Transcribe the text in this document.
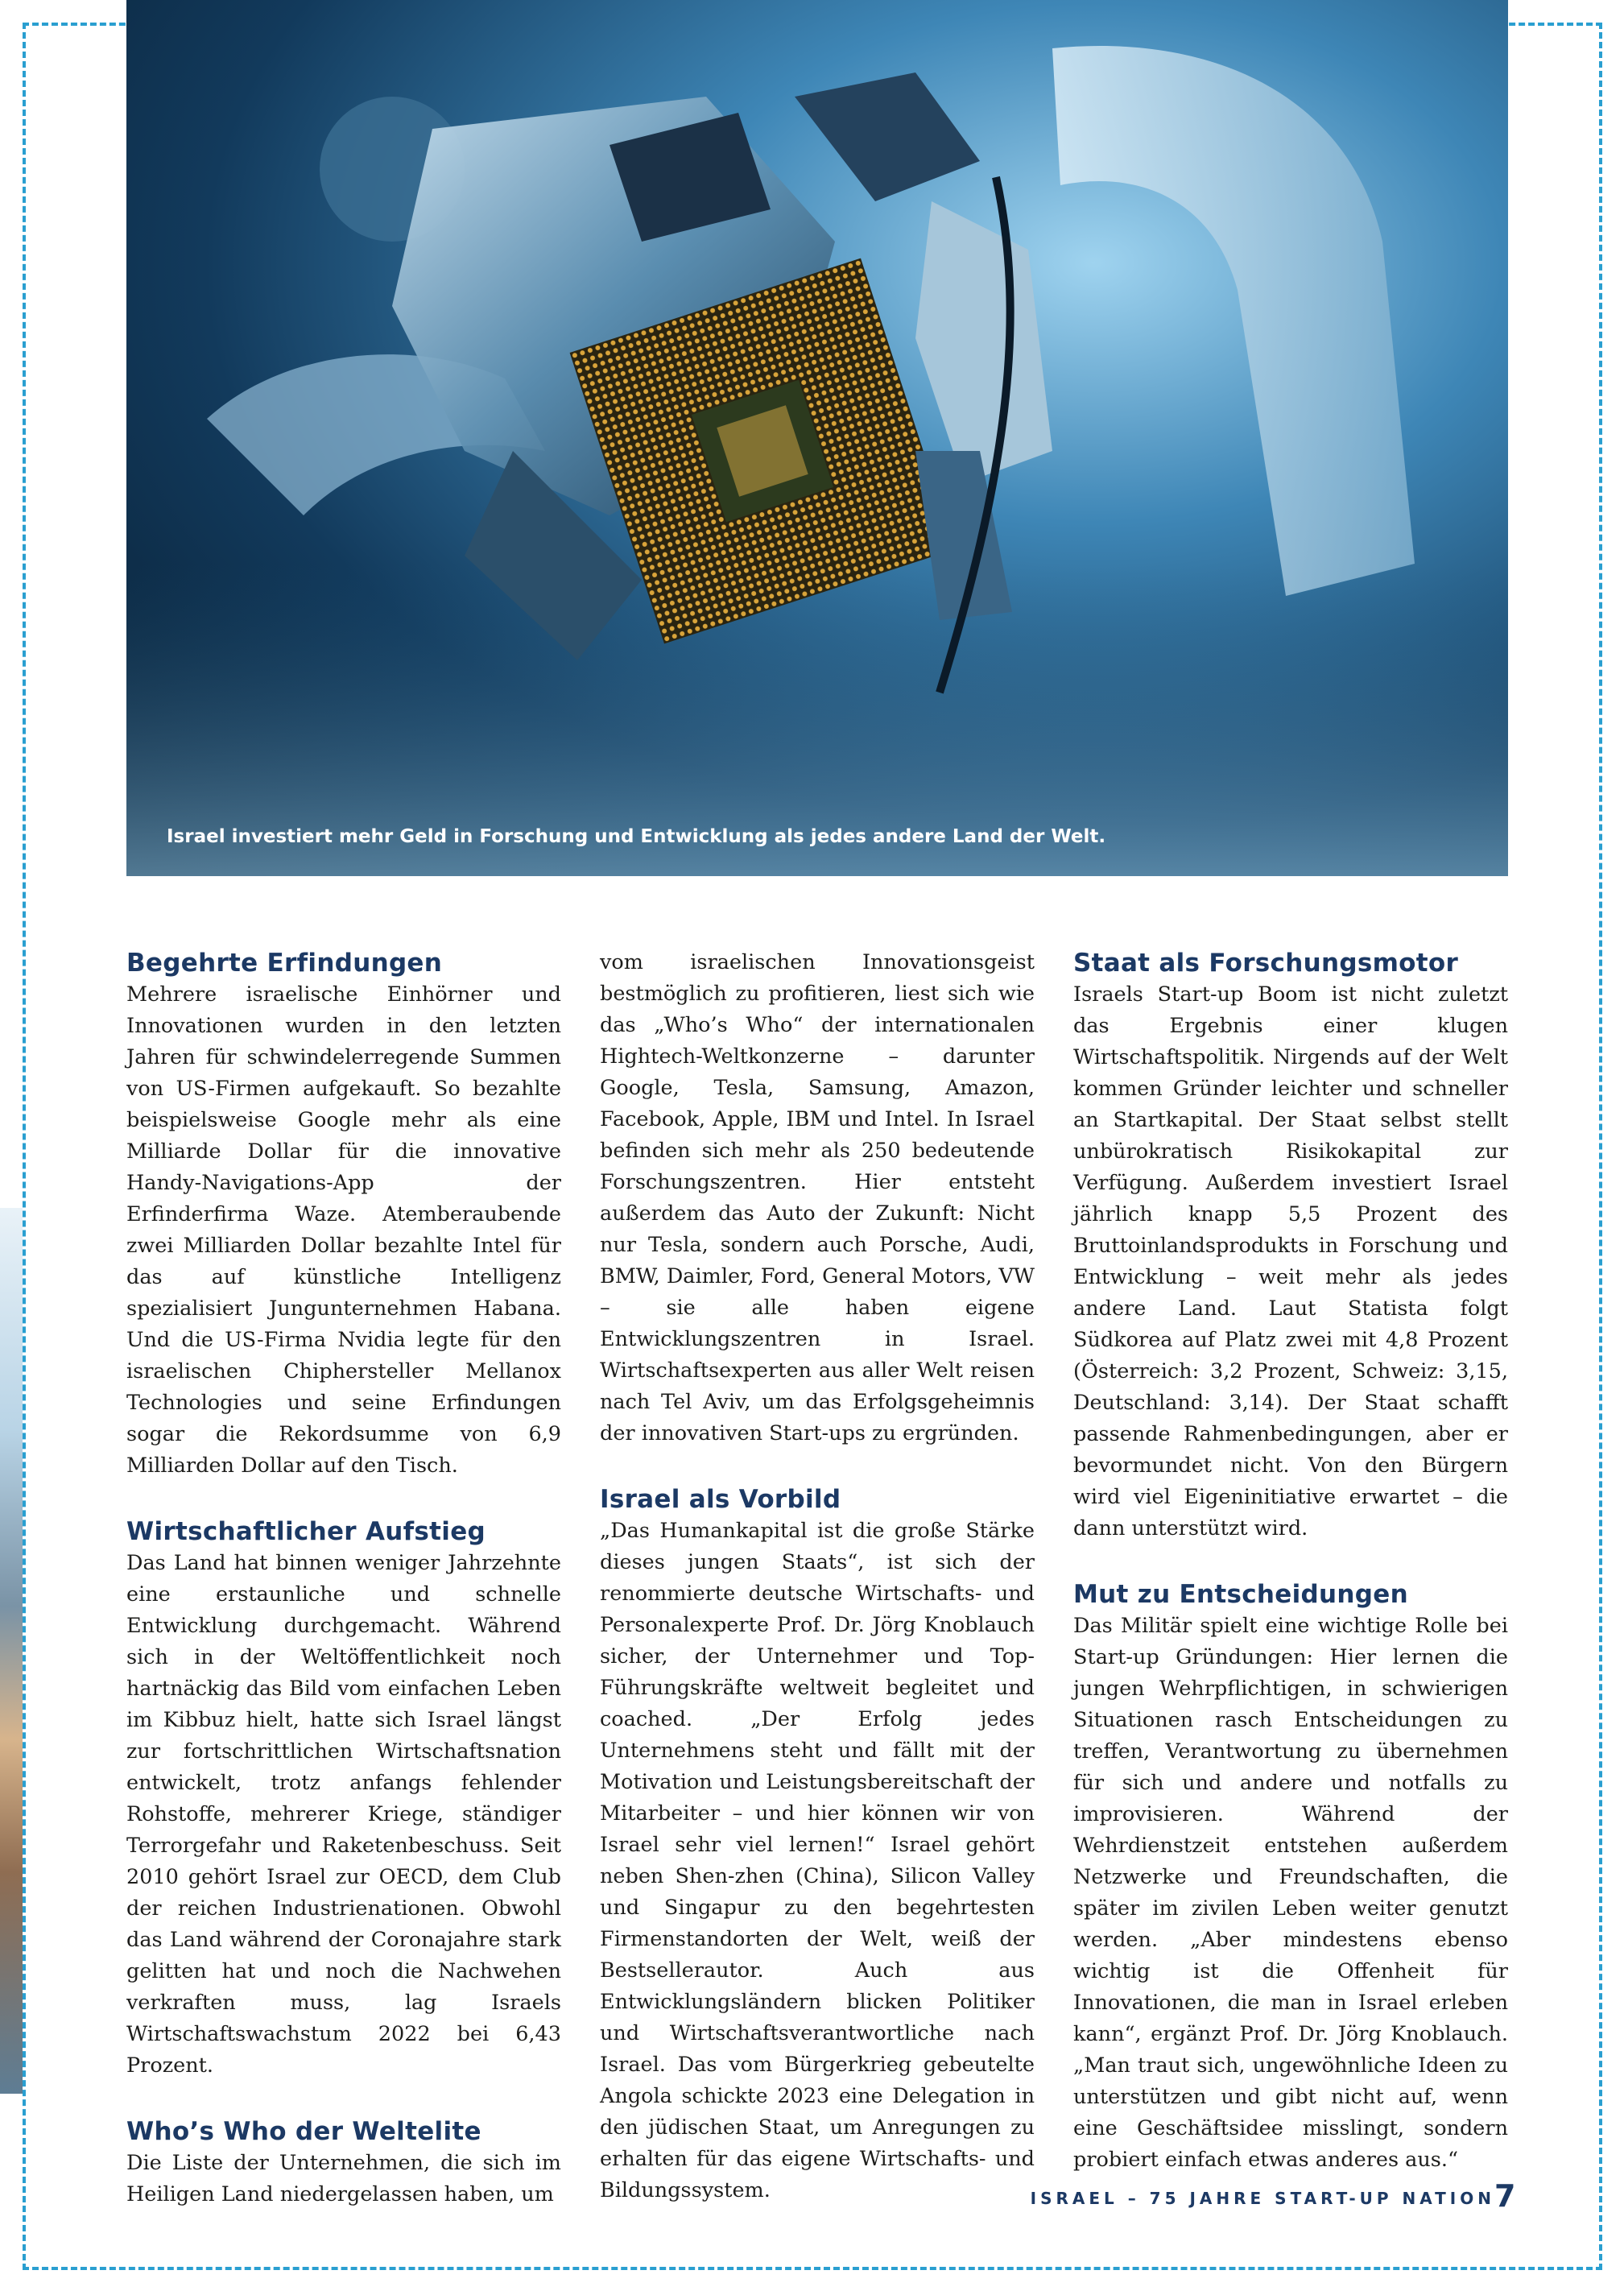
Israel investiert mehr Geld in Forschung und Entwicklung als jedes andere Land der Welt.
Begehrte Erfindungen

Mehrere israelische Einhörner und Innovationen wurden in den letzten Jahren für schwindelerregende Summen von US-Firmen aufgekauft. So bezahlte beispielsweise Google mehr als eine Milliarde Dollar für die innovative Handy-Navigations-App der Erfinderfirma Waze. Atemberaubende zwei Milliarden Dollar bezahlte Intel für das auf künstliche Intelligenz spezialisiert Jungunternehmen Habana. Und die US-Firma Nvidia legte für den israelischen Chiphersteller Mellanox Technologies und seine Erfindungen sogar die Rekordsumme von 6,9 Milliarden Dollar auf den Tisch.

Wirtschaftlicher Aufstieg

Das Land hat binnen weniger Jahrzehnte eine erstaunliche und schnelle Entwicklung durchgemacht. Während sich in der Weltöffentlichkeit noch hartnäckig das Bild vom einfachen Leben im Kibbuz hielt, hatte sich Israel längst zur fortschrittlichen Wirtschaftsnation entwickelt, trotz anfangs fehlender Rohstoffe, mehrerer Kriege, ständiger Terrorgefahr und Raketenbeschuss. Seit 2010 gehört Israel zur OECD, dem Club der reichen Industrienationen. Obwohl das Land während der Coronajahre stark gelitten hat und noch die Nachwehen verkraften muss, lag Israels Wirtschaftswachstum 2022 bei 6,43 Prozent.

Who’s Who der Weltelite

Die Liste der Unternehmen, die sich im Heiligen Land niedergelassen haben, um

vom israelischen Innovationsgeist bestmöglich zu profitieren, liest sich wie das „Who’s Who“ der internationalen Hightech-Weltkonzerne – darunter Google, Tesla, Samsung, Amazon, Facebook, Apple, IBM und Intel. In Israel befinden sich mehr als 250 bedeutende Forschungszentren. Hier entsteht außerdem das Auto der Zukunft: Nicht nur Tesla, sondern auch Porsche, Audi, BMW, Daimler, Ford, General Motors, VW – sie alle haben eigene Entwicklungszentren in Israel. Wirtschaftsexperten aus aller Welt reisen nach Tel Aviv, um das Erfolgsgeheimnis der innovativen Start-ups zu ergründen.

Israel als Vorbild

„Das Humankapital ist die große Stärke dieses jungen Staats“, ist sich der renommierte deutsche Wirtschafts- und Personalexperte Prof. Dr. Jörg Knoblauch sicher, der Unternehmer und Top-Führungskräfte weltweit begleitet und coached. „Der Erfolg jedes Unternehmens steht und fällt mit der Motivation und Leistungsbereitschaft der Mitarbeiter – und hier können wir von Israel sehr viel lernen!“ Israel gehört neben Shen-zhen (China), Silicon Valley und Singapur zu den begehrtesten Firmenstandorten der Welt, weiß der Bestsellerautor. Auch aus Entwicklungsländern blicken Politiker und Wirtschaftsverantwortliche nach Israel. Das vom Bürgerkrieg gebeutelte Angola schickte 2023 eine Delegation in den jüdischen Staat, um Anregungen zu erhalten für das eigene Wirtschafts- und Bildungssystem.

Staat als Forschungsmotor

Israels Start-up Boom ist nicht zuletzt das Ergebnis einer klugen Wirtschaftspolitik. Nirgends auf der Welt kommen Gründer leichter und schneller an Startkapital. Der Staat selbst stellt unbürokratisch Risikokapital zur Verfügung. Außerdem investiert Israel jährlich knapp 5,5 Prozent des Bruttoinlandsprodukts in Forschung und Entwicklung – weit mehr als jedes andere Land. Laut Statista folgt Südkorea auf Platz zwei mit 4,8 Prozent (Österreich: 3,2 Prozent, Schweiz: 3,15, Deutschland: 3,14). Der Staat schafft passende Rahmenbedingungen, aber er bevormundet nicht. Von den Bürgern wird viel Eigeninitiative erwartet – die dann unterstützt wird.

Mut zu Entscheidungen

Das Militär spielt eine wichtige Rolle bei Start-up Gründungen: Hier lernen die jungen Wehrpflichtigen, in schwierigen Situationen rasch Entscheidungen zu treffen, Verantwortung zu übernehmen für sich und andere und notfalls zu improvisieren. Während der Wehrdienstzeit entstehen außerdem Netzwerke und Freundschaften, die später im zivilen Leben weiter genutzt werden. „Aber mindestens ebenso wichtig ist die Offenheit für Innovationen, die man in Israel erleben kann“, ergänzt Prof. Dr. Jörg Knoblauch. „Man traut sich, ungewöhnliche Ideen zu unterstützen und gibt nicht auf, wenn eine Geschäftsidee misslingt, sondern probiert einfach etwas anderes aus.“

ISRAEL – 75 JAHRE START-UP NATION 7
